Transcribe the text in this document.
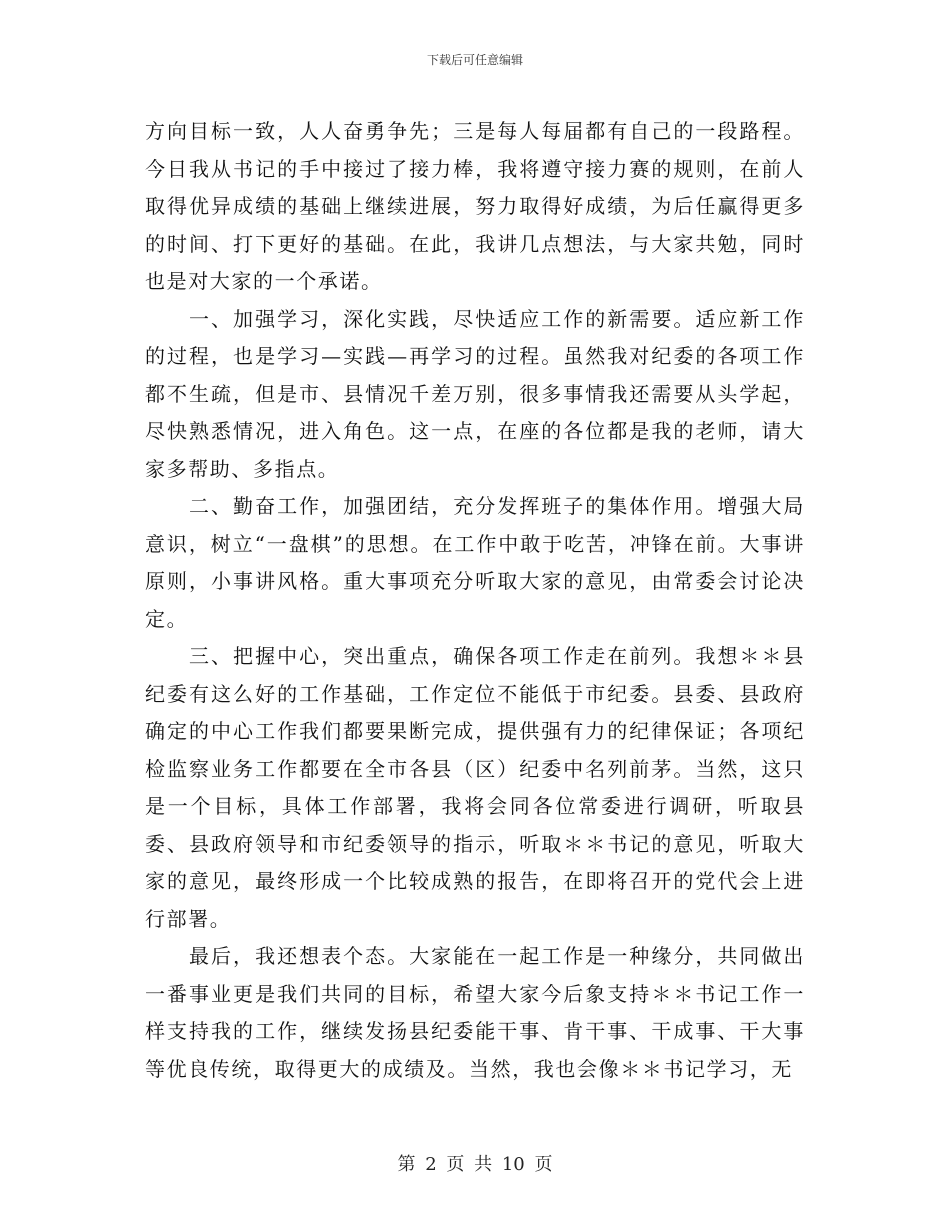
下载后可任意编辑

方向目标一致，人人奋勇争先；三是每人每届都有自己的一段路程。今日我从书记的手中接过了接力棒，我将遵守接力赛的规则，在前人取得优异成绩的基础上继续进展，努力取得好成绩，为后任赢得更多的时间、打下更好的基础。在此，我讲几点想法，与大家共勉，同时也是对大家的一个承诺。

　　一、加强学习，深化实践，尽快适应工作的新需要。适应新工作的过程，也是学习—实践—再学习的过程。虽然我对纪委的各项工作都不生疏，但是市、县情况千差万别，很多事情我还需要从头学起，尽快熟悉情况，进入角色。这一点，在座的各位都是我的老师，请大家多帮助、多指点。

　　二、勤奋工作，加强团结，充分发挥班子的集体作用。增强大局意识，树立“一盘棋”的思想。在工作中敢于吃苦，冲锋在前。大事讲原则，小事讲风格。重大事项充分听取大家的意见，由常委会讨论决定。

　　三、把握中心，突出重点，确保各项工作走在前列。我想＊＊县纪委有这么好的工作基础，工作定位不能低于市纪委。县委、县政府确定的中心工作我们都要果断完成，提供强有力的纪律保证；各项纪检监察业务工作都要在全市各县（区）纪委中名列前茅。当然，这只是一个目标，具体工作部署，我将会同各位常委进行调研，听取县委、县政府领导和市纪委领导的指示，听取＊＊书记的意见，听取大家的意见，最终形成一个比较成熟的报告，在即将召开的党代会上进行部署。

　　最后，我还想表个态。大家能在一起工作是一种缘分，共同做出一番事业更是我们共同的目标，希望大家今后象支持＊＊书记工作一样支持我的工作，继续发扬县纪委能干事、肯干事、干成事、干大事等优良传统，取得更大的成绩及。当然，我也会像＊＊书记学习，无

第 2 页 共 10 页
